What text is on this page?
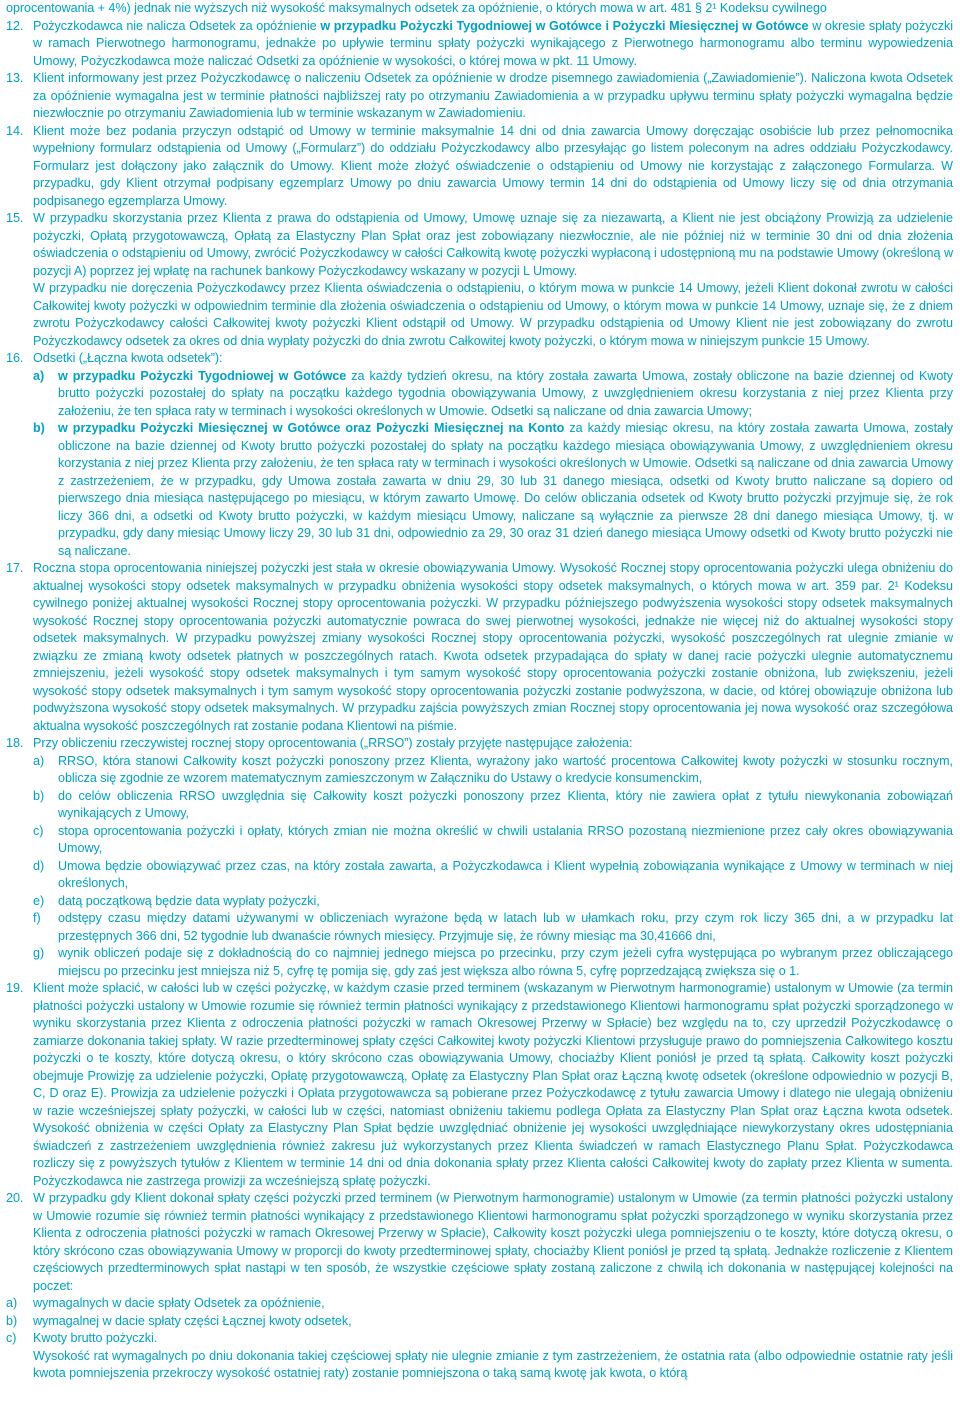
oprocentowania + 4%) jednak nie wyższych niż wysokość maksymalnych odsetek za opóźnienie, o których mowa w art. 481 § 2¹ Kodeksu cywilnego

12. Pożyczkodawca nie nalicza Odsetek za opóźnienie w przypadku Pożyczki Tygodniowej w Gotówce i Pożyczki Miesięcznej w Gotówce w okresie spłaty pożyczki w ramach Pierwotnego harmonogramu, jednakże po upływie terminu spłaty pożyczki wynikającego z Pierwotnego harmonogramu albo terminu wypowiedzenia Umowy, Pożyczkodawca może naliczać Odsetki za opóźnienie w wysokości, o której mowa w pkt. 11 Umowy.
13. Klient informowany jest przez Pożyczkodawcę o naliczeniu Odsetek za opóźnienie w drodze pisemnego zawiadomienia („Zawiadomienie”). Naliczona kwota Odsetek za opóźnienie wymagalna jest w terminie płatności najbliższej raty po otrzymaniu Zawiadomienia a w przypadku upływu terminu spłaty pożyczki wymagalna będzie niezwłocznie po otrzymaniu Zawiadomienia lub w terminie wskazanym w Zawiadomieniu.
14. Klient może bez podania przyczyn odstąpić od Umowy w terminie maksymalnie 14 dni od dnia zawarcia Umowy doręczając osobiście lub przez pełnomocnika wypełniony formularz odstąpienia od Umowy („Formularz”) do oddziału Pożyczkodawcy albo przesyłając go listem poleconym na adres oddziału Pożyczkodawcy. Formularz jest dołączony jako załącznik do Umowy. Klient może złożyć oświadczenie o odstąpieniu od Umowy nie korzystając z załączonego Formularza. W przypadku, gdy Klient otrzymał podpisany egzemplarz Umowy po dniu zawarcia Umowy termin 14 dni do odstąpienia od Umowy liczy się od dnia otrzymania podpisanego egzemplarza Umowy.
15. W przypadku skorzystania przez Klienta z prawa do odstąpienia od Umowy, Umowę uznaje się za niezawartą, a Klient nie jest obciążony Prowizją za udzielenie pożyczki, Opłatą przygotowawczą, Opłatą za Elastyczny Plan Spłat oraz jest zobowiązany niezwłocznie, ale nie później niż w terminie 30 dni od dnia złożenia oświadczenia o odstąpieniu od Umowy, zwrócić Pożyczkodawcy w całości Całkowitą kwotę pożyczki wypłaconą i udostępnioną mu na podstawie Umowy (określoną w pozycji A) poprzez jej wpłatę na rachunek bankowy Pożyczkodawcy wskazany w pozycji L Umowy.
W przypadku nie doręczenia Pożyczkodawcy przez Klienta oświadczenia o odstąpieniu, o którym mowa w punkcie 14 Umowy, jeżeli Klient dokonał zwrotu w całości Całkowitej kwoty pożyczki w odpowiednim terminie dla złożenia oświadczenia o odstąpieniu od Umowy, o którym mowa w punkcie 14 Umowy, uznaje się, że z dniem zwrotu Pożyczkodawcy całości Całkowitej kwoty pożyczki Klient odstąpił od Umowy. W przypadku odstąpienia od Umowy Klient nie jest zobowiązany do zwrotu Pożyczkodawcy odsetek za okres od dnia wypłaty pożyczki do dnia zwrotu Całkowitej kwoty pożyczki, o którym mowa w niniejszym punkcie 15 Umowy.
16. Odsetki („Łączna kwota odsetek”):
a) w przypadku Pożyczki Tygodniowej w Gotówce za każdy tydzień okresu, na który została zawarta Umowa, zostały obliczone na bazie dziennej od Kwoty brutto pożyczki pozostałej do spłaty na początku każdego tygodnia obowiązywania Umowy, z uwzględnieniem okresu korzystania z niej przez Klienta przy założeniu, że ten spłaca raty w terminach i wysokości określonych w Umowie. Odsetki są naliczane od dnia zawarcia Umowy;
b) w przypadku Pożyczki Miesięcznej w Gotówce oraz Pożyczki Miesięcznej na Konto za każdy miesiąc okresu, na który została zawarta Umowa, zostały obliczone na bazie dziennej od Kwoty brutto pożyczki pozostałej do spłaty na początku każdego miesiąca obowiązywania Umowy, z uwzględnieniem okresu korzystania z niej przez Klienta przy założeniu, że ten spłaca raty w terminach i wysokości określonych w Umowie. Odsetki są naliczane od dnia zawarcia Umowy z zastrzeżeniem, że w przypadku, gdy Umowa została zawarta w dniu 29, 30 lub 31 danego miesiąca, odsetki od Kwoty brutto naliczane są dopiero od pierwszego dnia miesiąca następującego po miesiącu, w którym zawarto Umowę. Do celów obliczania odsetek od Kwoty brutto pożyczki przyjmuje się, że rok liczy 366 dni, a odsetki od Kwoty brutto pożyczki, w każdym miesiącu Umowy, naliczane są wyłącznie za pierwsze 28 dni danego miesiąca Umowy, tj. w przypadku, gdy dany miesiąc Umowy liczy 29, 30 lub 31 dni, odpowiednio za 29, 30 oraz 31 dzień danego miesiąca Umowy odsetki od Kwoty brutto pożyczki nie są naliczane.
17. Roczna stopa oprocentowania niniejszej pożyczki jest stała w okresie obowiązywania Umowy. Wysokość Rocznej stopy oprocentowania pożyczki ulega obniżeniu do aktualnej wysokości stopy odsetek maksymalnych w przypadku obniżenia wysokości stopy odsetek maksymalnych, o których mowa w art. 359 par. 2¹ Kodeksu cywilnego poniżej aktualnej wysokości Rocznej stopy oprocentowania pożyczki. W przypadku późniejszego podwyższenia wysokości stopy odsetek maksymalnych wysokość Rocznej stopy oprocentowania pożyczki automatycznie powraca do swej pierwotnej wysokości, jednakże nie więcej niż do aktualnej wysokości stopy odsetek maksymalnych. W przypadku powyższej zmiany wysokości Rocznej stopy oprocentowania pożyczki, wysokość poszczególnych rat ulegnie zmianie w związku ze zmianą kwoty odsetek płatnych w poszczególnych ratach. Kwota odsetek przypadająca do spłaty w danej racie pożyczki ulegnie automatycznemu zmniejszeniu, jeżeli wysokość stopy odsetek maksymalnych i tym samym wysokość stopy oprocentowania pożyczki zostanie obniżona, lub zwiększeniu, jeżeli wysokość stopy odsetek maksymalnych i tym samym wysokość stopy oprocentowania pożyczki zostanie podwyższona, w dacie, od której obowiązuje obniżona lub podwyższona wysokość stopy odsetek maksymalnych. W przypadku zajścia powyższych zmian Rocznej stopy oprocentowania jej nowa wysokość oraz szczegółowa aktualna wysokość poszczególnych rat zostanie podana Klientowi na piśmie.
18. Przy obliczeniu rzeczywistej rocznej stopy oprocentowania („RRSO”) zostały przyjęte następujące założenia:
a) RRSO, która stanowi Całkowity koszt pożyczki ponoszony przez Klienta, wyrażony jako wartość procentowa Całkowitej kwoty pożyczki w stosunku rocznym, oblicza się zgodnie ze wzorem matematycznym zamieszczonym w Załączniku do Ustawy o kredycie konsumenckim,
b) do celów obliczenia RRSO uwzględnia się Całkowity koszt pożyczki ponoszony przez Klienta, który nie zawiera opłat z tytułu niewykonania zobowiązań wynikających z Umowy,
c) stopa oprocentowania pożyczki i opłaty, których zmian nie można określić w chwili ustalania RRSO pozostaną niezmienione przez cały okres obowiązywania Umowy,
d) Umowa będzie obowiązywać przez czas, na który została zawarta, a Pożyczkodawca i Klient wypełnią zobowiązania wynikające z Umowy w terminach w niej określonych,
e) datą początkową będzie data wypłaty pożyczki,
f) odstępy czasu między datami używanymi w obliczeniach wyrażone będą w latach lub w ułamkach roku, przy czym rok liczy 365 dni, a w przypadku lat przestępnych 366 dni, 52 tygodnie lub dwanaście równych miesięcy. Przyjmuje się, że równy miesiąc ma 30,41666 dni,
g) wynik obliczeń podaje się z dokładnością do co najmniej jednego miejsca po przecinku, przy czym jeżeli cyfra występująca po wybranym przez obliczającego miejscu po przecinku jest mniejsza niż 5, cyfrę tę pomija się, gdy zaś jest większa albo równa 5, cyfrę poprzedzającą zwiększa się o 1.
19. Klient może spłacić, w całości lub w części pożyczkę, w każdym czasie przed terminem (wskazanym w Pierwotnym harmonogramie) ustalonym w Umowie (za termin płatności pożyczki ustalony w Umowie rozumie się również termin płatności wynikający z przedstawionego Klientowi harmonogramu spłat pożyczki sporządzonego w wyniku skorzystania przez Klienta z odroczenia płatności pożyczki w ramach Okresowej Przerwy w Spłacie) bez względu na to, czy uprzedził Pożyczkodawcę o zamiarze dokonania takiej spłaty. W razie przedterminowej spłaty części Całkowitej kwoty pożyczki Klientowi przysługuje prawo do pomniejszenia Całkowitego kosztu pożyczki o te koszty, które dotyczą okresu, o który skrócono czas obowiązywania Umowy, chociażby Klient poniósł je przed tą spłatą. Całkowity koszt pożyczki obejmuje Prowizję za udzielenie pożyczki, Opłatę przygotowawczą, Opłatę za Elastyczny Plan Spłat oraz Łączną kwotę odsetek (określone odpowiednio w pozycji B, C, D oraz E). Prowizja za udzielenie pożyczki i Opłata przygotowawcza są pobierane przez Pożyczkodawcę z tytułu zawarcia Umowy i dlatego nie ulegają obniżeniu w razie wcześniejszej spłaty pożyczki, w całości lub w części, natomiast obniżeniu takiemu podlega Opłata za Elastyczny Plan Spłat oraz Łączna kwota odsetek. Wysokość obniżenia w części Opłaty za Elastyczny Plan Spłat będzie uwzględniać obniżenie jej wysokości uwzględniające niewykorzystany okres udostępniania świadczeń z zastrzeżeniem uwzględnienia również zakresu już wykorzystanych przez Klienta świadczeń w ramach Elastycznego Planu Spłat. Pożyczkodawca rozliczy się z powyższych tytułów z Klientem w terminie 14 dni od dnia dokonania spłaty przez Klienta całości Całkowitej kwoty do zapłaty przez Klienta w sumenta. Pożyczkodawca nie zastrzega prowizji za wcześniejszą spłatę pożyczki.
20. W przypadku gdy Klient dokonał spłaty części pożyczki przed terminem (w Pierwotnym harmonogramie) ustalonym w Umowie (za termin płatności pożyczki ustalony w Umowie rozumie się również termin płatności wynikający z przedstawionego Klientowi harmonogramu spłat pożyczki sporządzonego w wyniku skorzystania przez Klienta z odroczenia płatności pożyczki w ramach Okresowej Przerwy w Spłacie), Całkowity koszt pożyczki ulega pomniejszeniu o te koszty, które dotyczą okresu, o który skrócono czas obowiązywania Umowy w proporcji do kwoty przedterminowej spłaty, chociażby Klient poniósł je przed tą spłatą. Jednakże rozliczenie z Klientem częściowych przedterminowych spłat nastąpi w ten sposób, że wszystkie częściowe spłaty zostaną zaliczone z chwilą ich dokonania w następującej kolejności na poczet:
a)	wymagalnych w dacie spłaty Odsetek za opóźnienie,
b)	wymagalnej w dacie spłaty części Łącznej kwoty odsetek,
c)	Kwoty brutto pożyczki.
Wysokość rat wymagalnych po dniu dokonania takiej częściowej spłaty nie ulegnie zmianie z tym zastrzeżeniem, że ostatnia rata (albo odpowiednie ostatnie raty jeśli kwota pomniejszenia przekroczy wysokość ostatniej raty) zostanie pomniejszona o taką samą kwotę jak kwota, o którą
